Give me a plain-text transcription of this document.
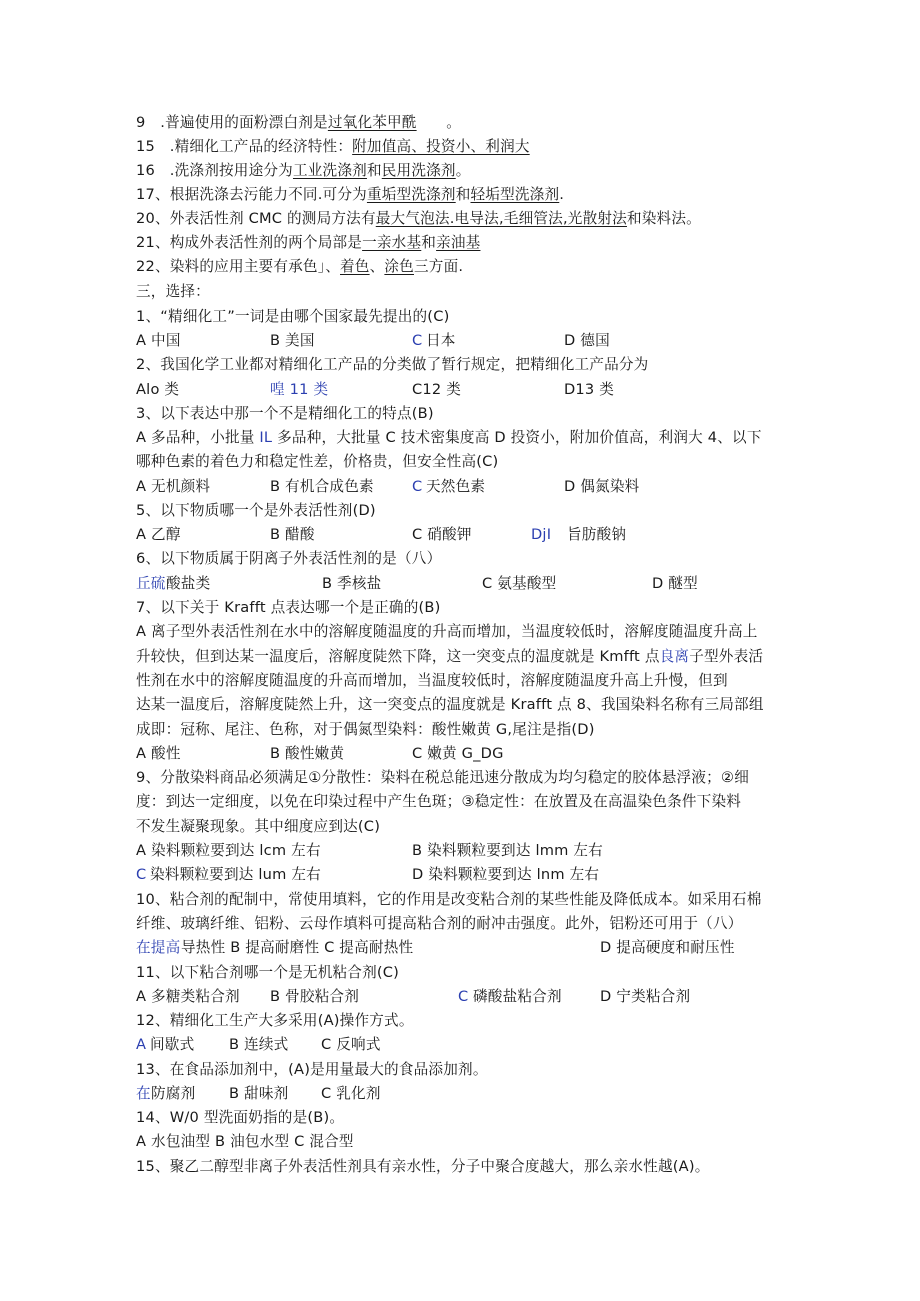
9　.普遍使用的面粉漂白剂是过氧化苯甲酰　　。
15　.精细化工产品的经济特性：附加值高、投资小、利润大
16　.洗涤剂按用途分为工业洗涤剂和民用洗涤剂。
17、根据洗涤去污能力不同.可分为重垢型洗涤剂和轻垢型洗涤剂.
20、外表活性剂 CMC 的测局方法有最大气泡法.电导法,毛细管法,光散射法和染料法。
21、构成外表活性剂的两个局部是一亲水基和亲油基
22、染料的应用主要有承色」、着色、涂色三方面.
三，选择：
1、“精细化工”一词是由哪个国家最先提出的(C)
A 中国	B 美国	C 日本	D 德国
2、我国化学工业都对精细化工产品的分类做了暂行规定，把精细化工产品分为
Alo 类	喤 11 类	C12 类	D13 类
3、以下表达中那一个不是精细化工的特点(B)
A 多品种，小批量 IL 多品种，大批量 C 技术密集度高 D 投资小，附加价值高，利润大 4、以下
哪种色素的着色力和稳定性差，价格贵，但安全性高(C)
A 无机颜料	B 有机合成色素	C 天然色素	D 偶氮染料
5、以下物质哪一个是外表活性剂(D)
A 乙醇	B 醋酸	C 硝酸钾	DjI 旨肪酸钠
6、以下物质属于阴离子外表活性剂的是（八）
丘硫 酸盐类	B 季核盐	C 氨基酸型	D 醚型
7、以下关于 Krafft 点表达哪一个是正确的(B)
A 离子型外表活性剂在水中的溶解度随温度的升高而增加，当温度较低时，溶解度随温度升高上
升较快，但到达某一温度后，溶解度陡然下降，这一突变点的温度就是 Kmfft 点良离子型外表活
性剂在水中的溶解度随温度的升高而增加，当温度较低时，溶解度随温度升高上升慢，但到
达某一温度后，溶解度陡然上升，这一突变点的温度就是 Krafft 点 8、我国染料名称有三局部组
成即：冠称、尾注、色称，对于偶氮型染料：酸性嫩黄 G,尾注是指(D)
A 酸性	B 酸性嫩黄	C 嫩黄 G_DG
9、分散染料商品必须满足①分散性：染料在税总能迅速分散成为均匀稳定的胶体悬浮液；②细
度：到达一定细度，以免在印染过程中产生色斑；③稳定性：在放置及在高温染色条件下染料
不发生凝聚现象。其中细度应到达(C)
A 染料颗粒要到达 lcm 左右	B 染料颗粒要到达 lmm 左右
C 染料颗粒要到达 lum 左右	D 染料颗粒要到达 lnm 左右
10、粘合剂的配制中，常使用填料，它的作用是改变粘合剂的某些性能及降低成本。如采用石棉
纤维、玻璃纤维、铝粉、云母作填料可提高粘合剂的耐冲击强度。此外，铝粉还可用于（八）
在提高 导热性 B 提高耐磨性 C 提高耐热性	D 提高硬度和耐压性
11、以下粘合剂哪一个是无机粘合剂(C)
A 多糖类粘合剂 B 骨胶粘合剂	C 磷酸盐粘合剂	D 宁类粘合剂
12、精细化工生产大多采用(A)操作方式。
A 间歇式 B 连续式 C 反响式
13、在食品添加剂中，(A)是用量最大的食品添加剂。
在 防腐剂 B 甜味剂 C 乳化剂
14、W/0 型洗面奶指的是(B)。
A 水包油型 B 油包水型 C 混合型
15、聚乙二醇型非离子外表活性剂具有亲水性，分子中聚合度越大，那么亲水性越(A)。
